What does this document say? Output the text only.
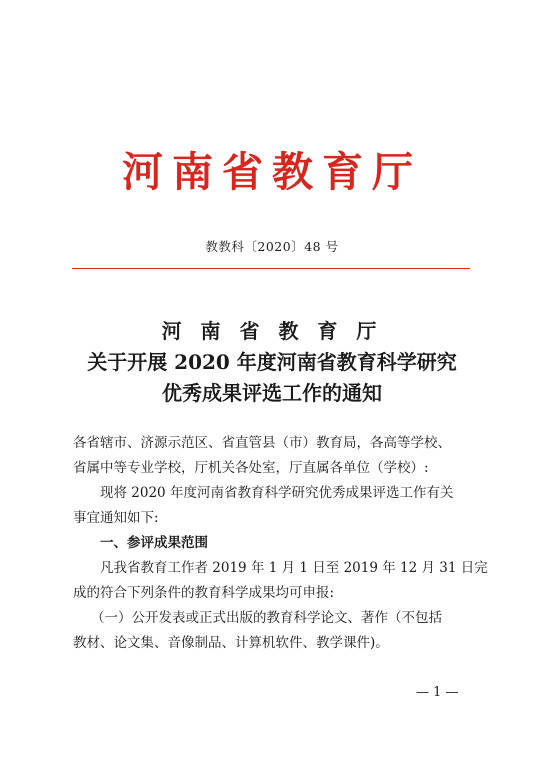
河南省教育厅
教教科〔2020〕48 号
河 南 省 教 育 厅
关于开展 2020 年度河南省教育科学研究
优秀成果评选工作的通知
各省辖市、济源示范区、省直管县（市）教育局，各高等学校、
省属中等专业学校，厅机关各处室，厅直属各单位（学校）:
现将 2020 年度河南省教育科学研究优秀成果评选工作有关
事宜通知如下:
一、参评成果范围
凡我省教育工作者 2019 年 1 月 1 日至 2019 年 12 月 31 日完
成的符合下列条件的教育科学成果均可申报:
（一）公开发表或正式出版的教育科学论文、著作（不包括
教材、论文集、音像制品、计算机软件、教学课件)。
— 1 —
